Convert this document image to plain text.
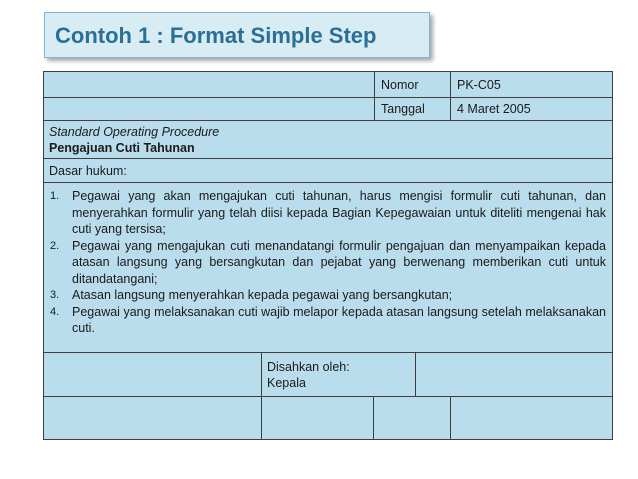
Contoh 1 : Format Simple Step
Nomor	PK-C05
Tanggal	4 Maret 2005
Standard Operating Procedure
Pengajuan Cuti Tahunan
Dasar hukum:
1. Pegawai yang akan mengajukan cuti tahunan, harus mengisi formulir cuti tahunan, dan menyerahkan formulir yang telah diisi kepada Bagian Kepegawaian untuk diteliti mengenai hak cuti yang tersisa;
2. Pegawai yang mengajukan cuti menandatangi formulir pengajuan dan menyampaikan kepada atasan langsung yang bersangkutan dan pejabat yang berwenang memberikan cuti untuk ditandatangani;
3. Atasan langsung menyerahkan kepada pegawai yang bersangkutan;
4. Pegawai yang melaksanakan cuti wajib melapor kepada atasan langsung setelah melaksanakan cuti.
Disahkan oleh:
Kepala
